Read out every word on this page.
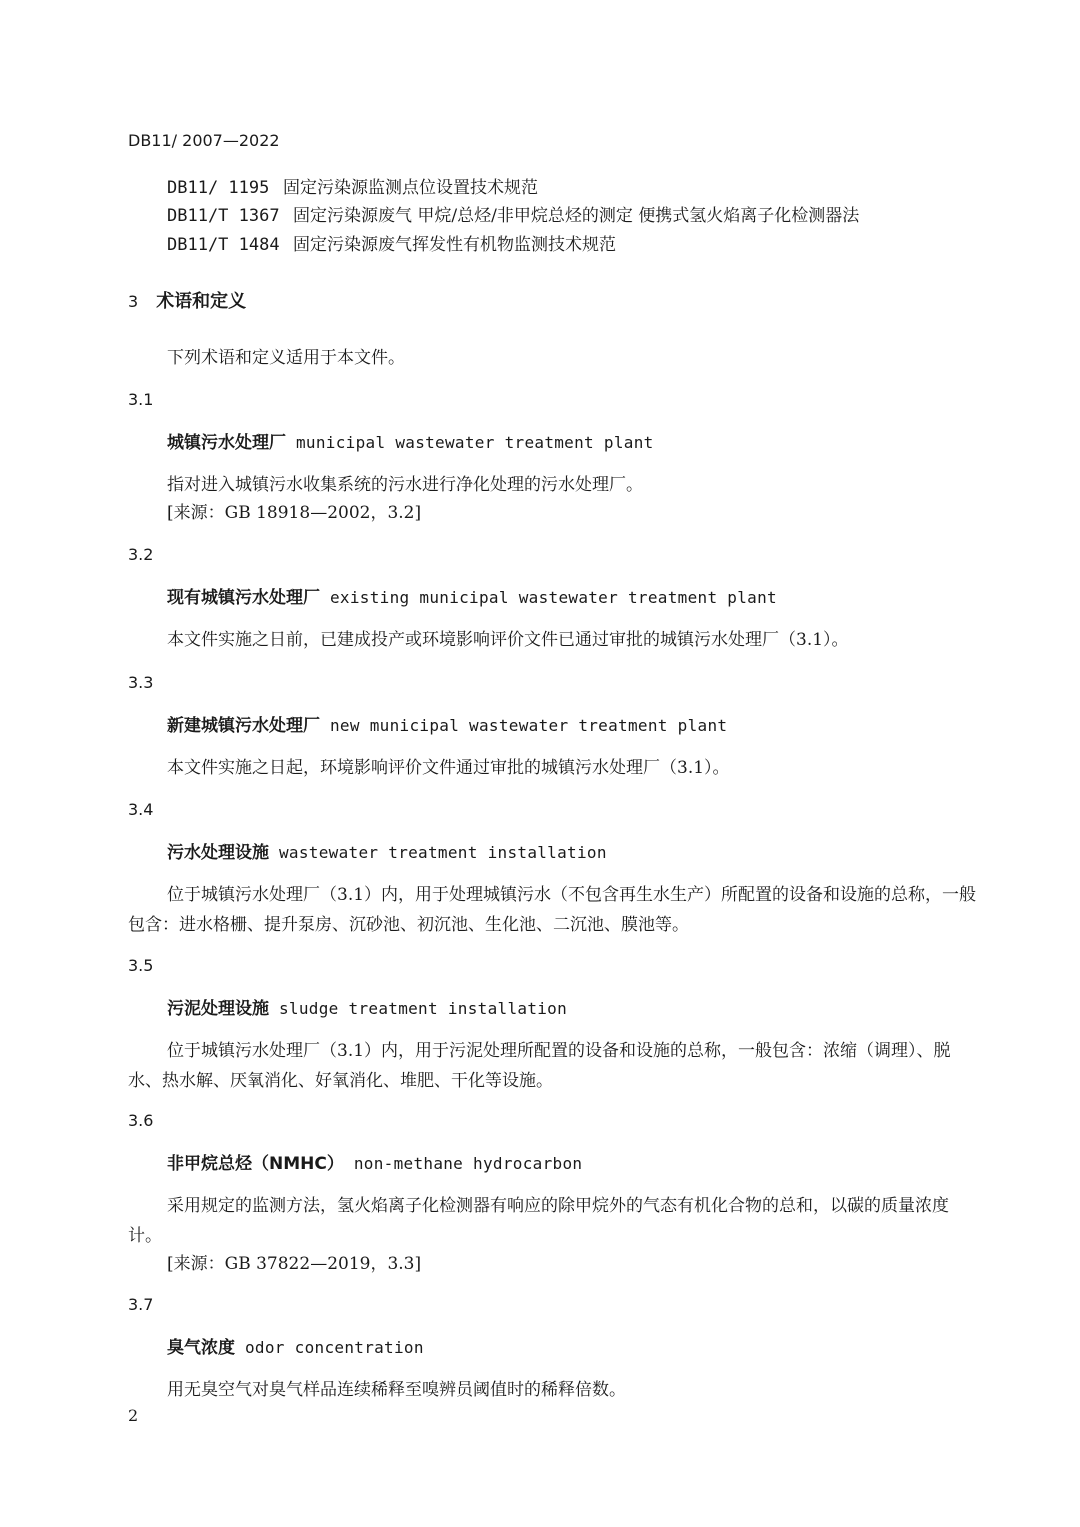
DB11/ 2007—2022
DB11/ 1195 固定污染源监测点位设置技术规范
DB11/T 1367 固定污染源废气 甲烷/总烃/非甲烷总烃的测定 便携式氢火焰离子化检测器法
DB11/T 1484 固定污染源废气挥发性有机物监测技术规范
3 术语和定义
下列术语和定义适用于本文件。
3.1
城镇污水处理厂 municipal wastewater treatment plant
指对进入城镇污水收集系统的污水进行净化处理的污水处理厂。
[来源：GB 18918—2002，3.2]
3.2
现有城镇污水处理厂 existing municipal wastewater treatment plant
本文件实施之日前，已建成投产或环境影响评价文件已通过审批的城镇污水处理厂（3.1）。
3.3
新建城镇污水处理厂 new municipal wastewater treatment plant
本文件实施之日起，环境影响评价文件通过审批的城镇污水处理厂（3.1）。
3.4
污水处理设施 wastewater treatment installation
位于城镇污水处理厂（3.1）内，用于处理城镇污水（不包含再生水生产）所配置的设备和设施的总称，一般包含：进水格栅、提升泵房、沉砂池、初沉池、生化池、二沉池、膜池等。
3.5
污泥处理设施 sludge treatment installation
位于城镇污水处理厂（3.1）内，用于污泥处理所配置的设备和设施的总称，一般包含：浓缩（调理）、脱水、热水解、厌氧消化、好氧消化、堆肥、干化等设施。
3.6
非甲烷总烃（NMHC） non-methane hydrocarbon
采用规定的监测方法，氢火焰离子化检测器有响应的除甲烷外的气态有机化合物的总和，以碳的质量浓度计。
[来源：GB 37822—2019，3.3]
3.7
臭气浓度 odor concentration
用无臭空气对臭气样品连续稀释至嗅辨员阈值时的稀释倍数。
2
